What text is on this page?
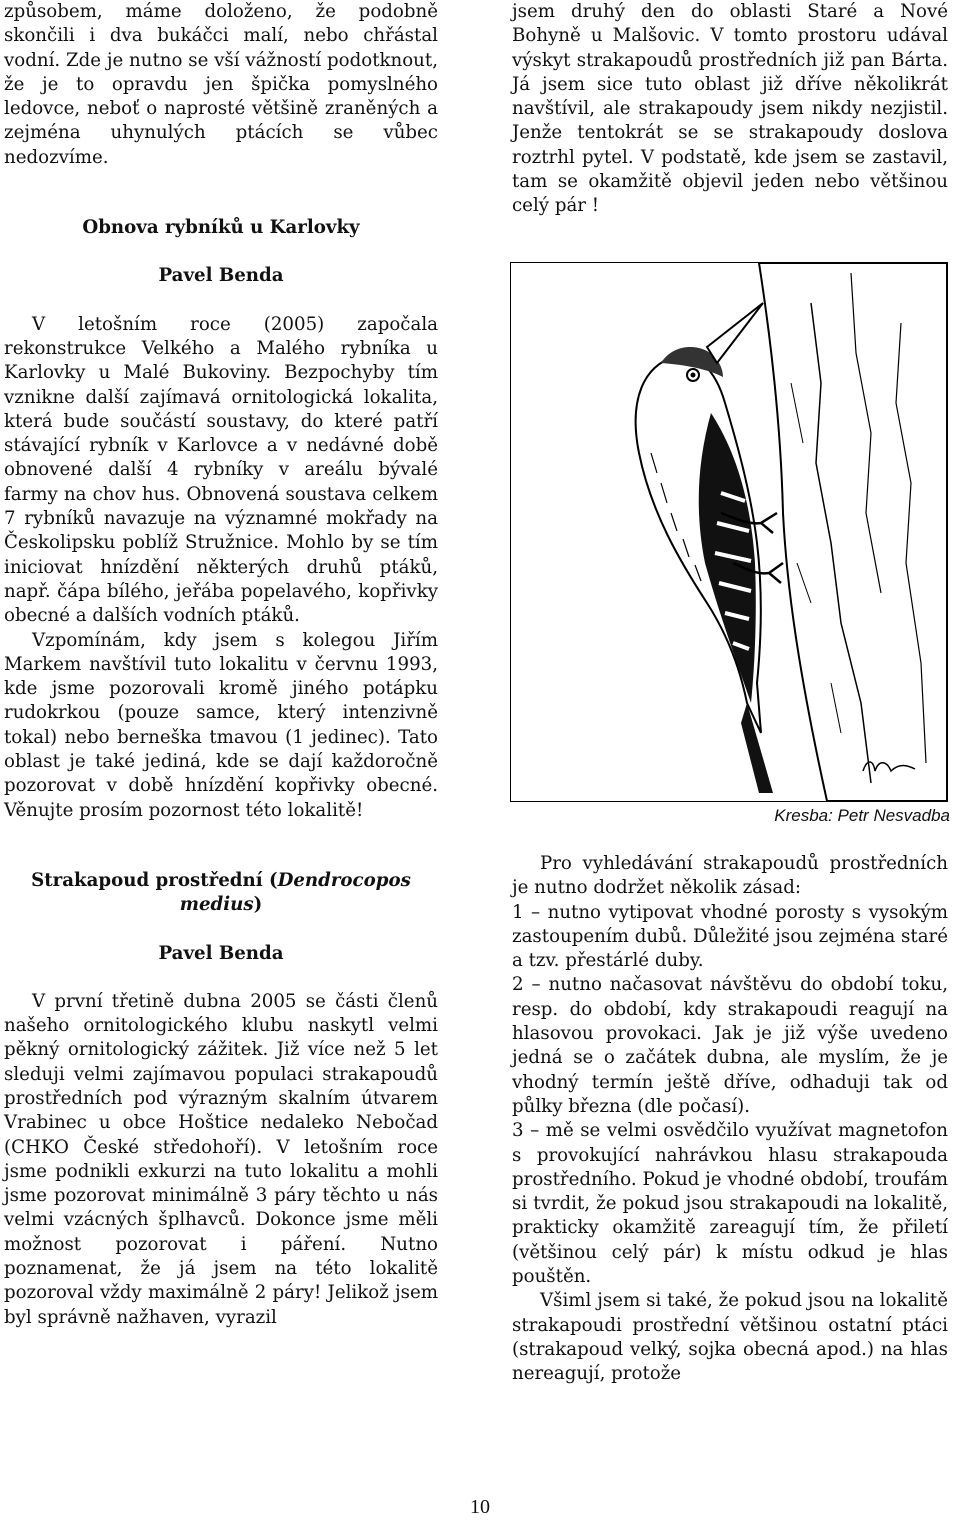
způsobem, máme doloženo, že podobně skončili i dva bukáčci malí, nebo chřástal vodní. Zde je nutno se vší vážností podotknout, že je to opravdu jen špička pomyslného ledovce, neboť o naprosté většině zraněných a zejména uhynulých ptácích se vůbec nedozvíme.

Obnova rybníků u Karlovky

Pavel Benda

V letošním roce (2005) započala rekonstrukce Velkého a Malého rybníka u Karlovky u Malé Bukoviny. Bezpochyby tím vznikne další zajímavá ornitologická lokalita, která bude součástí soustavy, do které patří stávající rybník v Karlovce a v nedávné době obnovené další 4 rybníky v areálu bývalé farmy na chov hus. Obnovená soustava celkem 7 rybníků navazuje na významné mokřady na Českolipsku poblíž Stružnice. Mohlo by se tím iniciovat hnízdění některých druhů ptáků, např. čápa bílého, jeřába popelavého, kopřivky obecné a dalších vodních ptáků.

Vzpomínám, kdy jsem s kolegou Jiřím Markem navštívil tuto lokalitu v červnu 1993, kde jsme pozorovali kromě jiného potápku rudokrkou (pouze samce, který intenzivně tokal) nebo berneška tmavou (1 jedinec). Tato oblast je také jediná, kde se dají každoročně pozorovat v době hnízdění kopřivky obecné. Věnujte prosím pozornost této lokalitě!

Strakapoud prostřední (Dendrocopos medius)

Pavel Benda

V první třetině dubna 2005 se části členů našeho ornitologického klubu naskytl velmi pěkný ornitologický zážitek. Již více než 5 let sleduji velmi zajímavou populaci strakapoudů prostředních pod výrazným skalním útvarem Vrabinec u obce Hoštice nedaleko Nebočad (CHKO České středohoří). V letošním roce jsme podnikli exkurzi na tuto lokalitu a mohli jsme pozorovat minimálně 3 páry těchto u nás velmi vzácných šplhavců. Dokonce jsme měli možnost pozorovat i páření. Nutno poznamenat, že já jsem na této lokalitě pozoroval vždy maximálně 2 páry! Jelikož jsem byl správně nažhaven, vyrazil

jsem druhý den do oblasti Staré a Nové Bohyně u Malšovic. V tomto prostoru udával výskyt strakapoudů prostředních již pan Bárta. Já jsem sice tuto oblast již dříve několikrát navštívil, ale strakapoudy jsem nikdy nezjistil. Jenže tentokrát se se strakapoudy doslova roztrhl pytel. V podstatě, kde jsem se zastavil, tam se okamžitě objevil jeden nebo většinou celý pár !

Kresba: Petr Nesvadba

Pro vyhledávání strakapoudů prostředních je nutno dodržet několik zásad:

1 – nutno vytipovat vhodné porosty s vysokým zastoupením dubů. Důležité jsou zejména staré a tzv. přestárlé duby.

2 – nutno načasovat návštěvu do období toku, resp. do období, kdy strakapoudi reagují na hlasovou provokaci. Jak je již výše uvedeno jedná se o začátek dubna, ale myslím, že je vhodný termín ještě dříve, odhaduji tak od půlky března (dle počasí).

3 – mě se velmi osvědčilo využívat magnetofon s provokující nahrávkou hlasu strakapouda prostředního. Pokud je vhodné období, troufám si tvrdit, že pokud jsou strakapoudi na lokalitě, prakticky okamžitě zareagují tím, že přiletí (většinou celý pár) k místu odkud je hlas pouštěn.

Všiml jsem si také, že pokud jsou na lokalitě strakapoudi prostřední většinou ostatní ptáci (strakapoud velký, sojka obecná apod.) na hlas nereagují, protože

10
